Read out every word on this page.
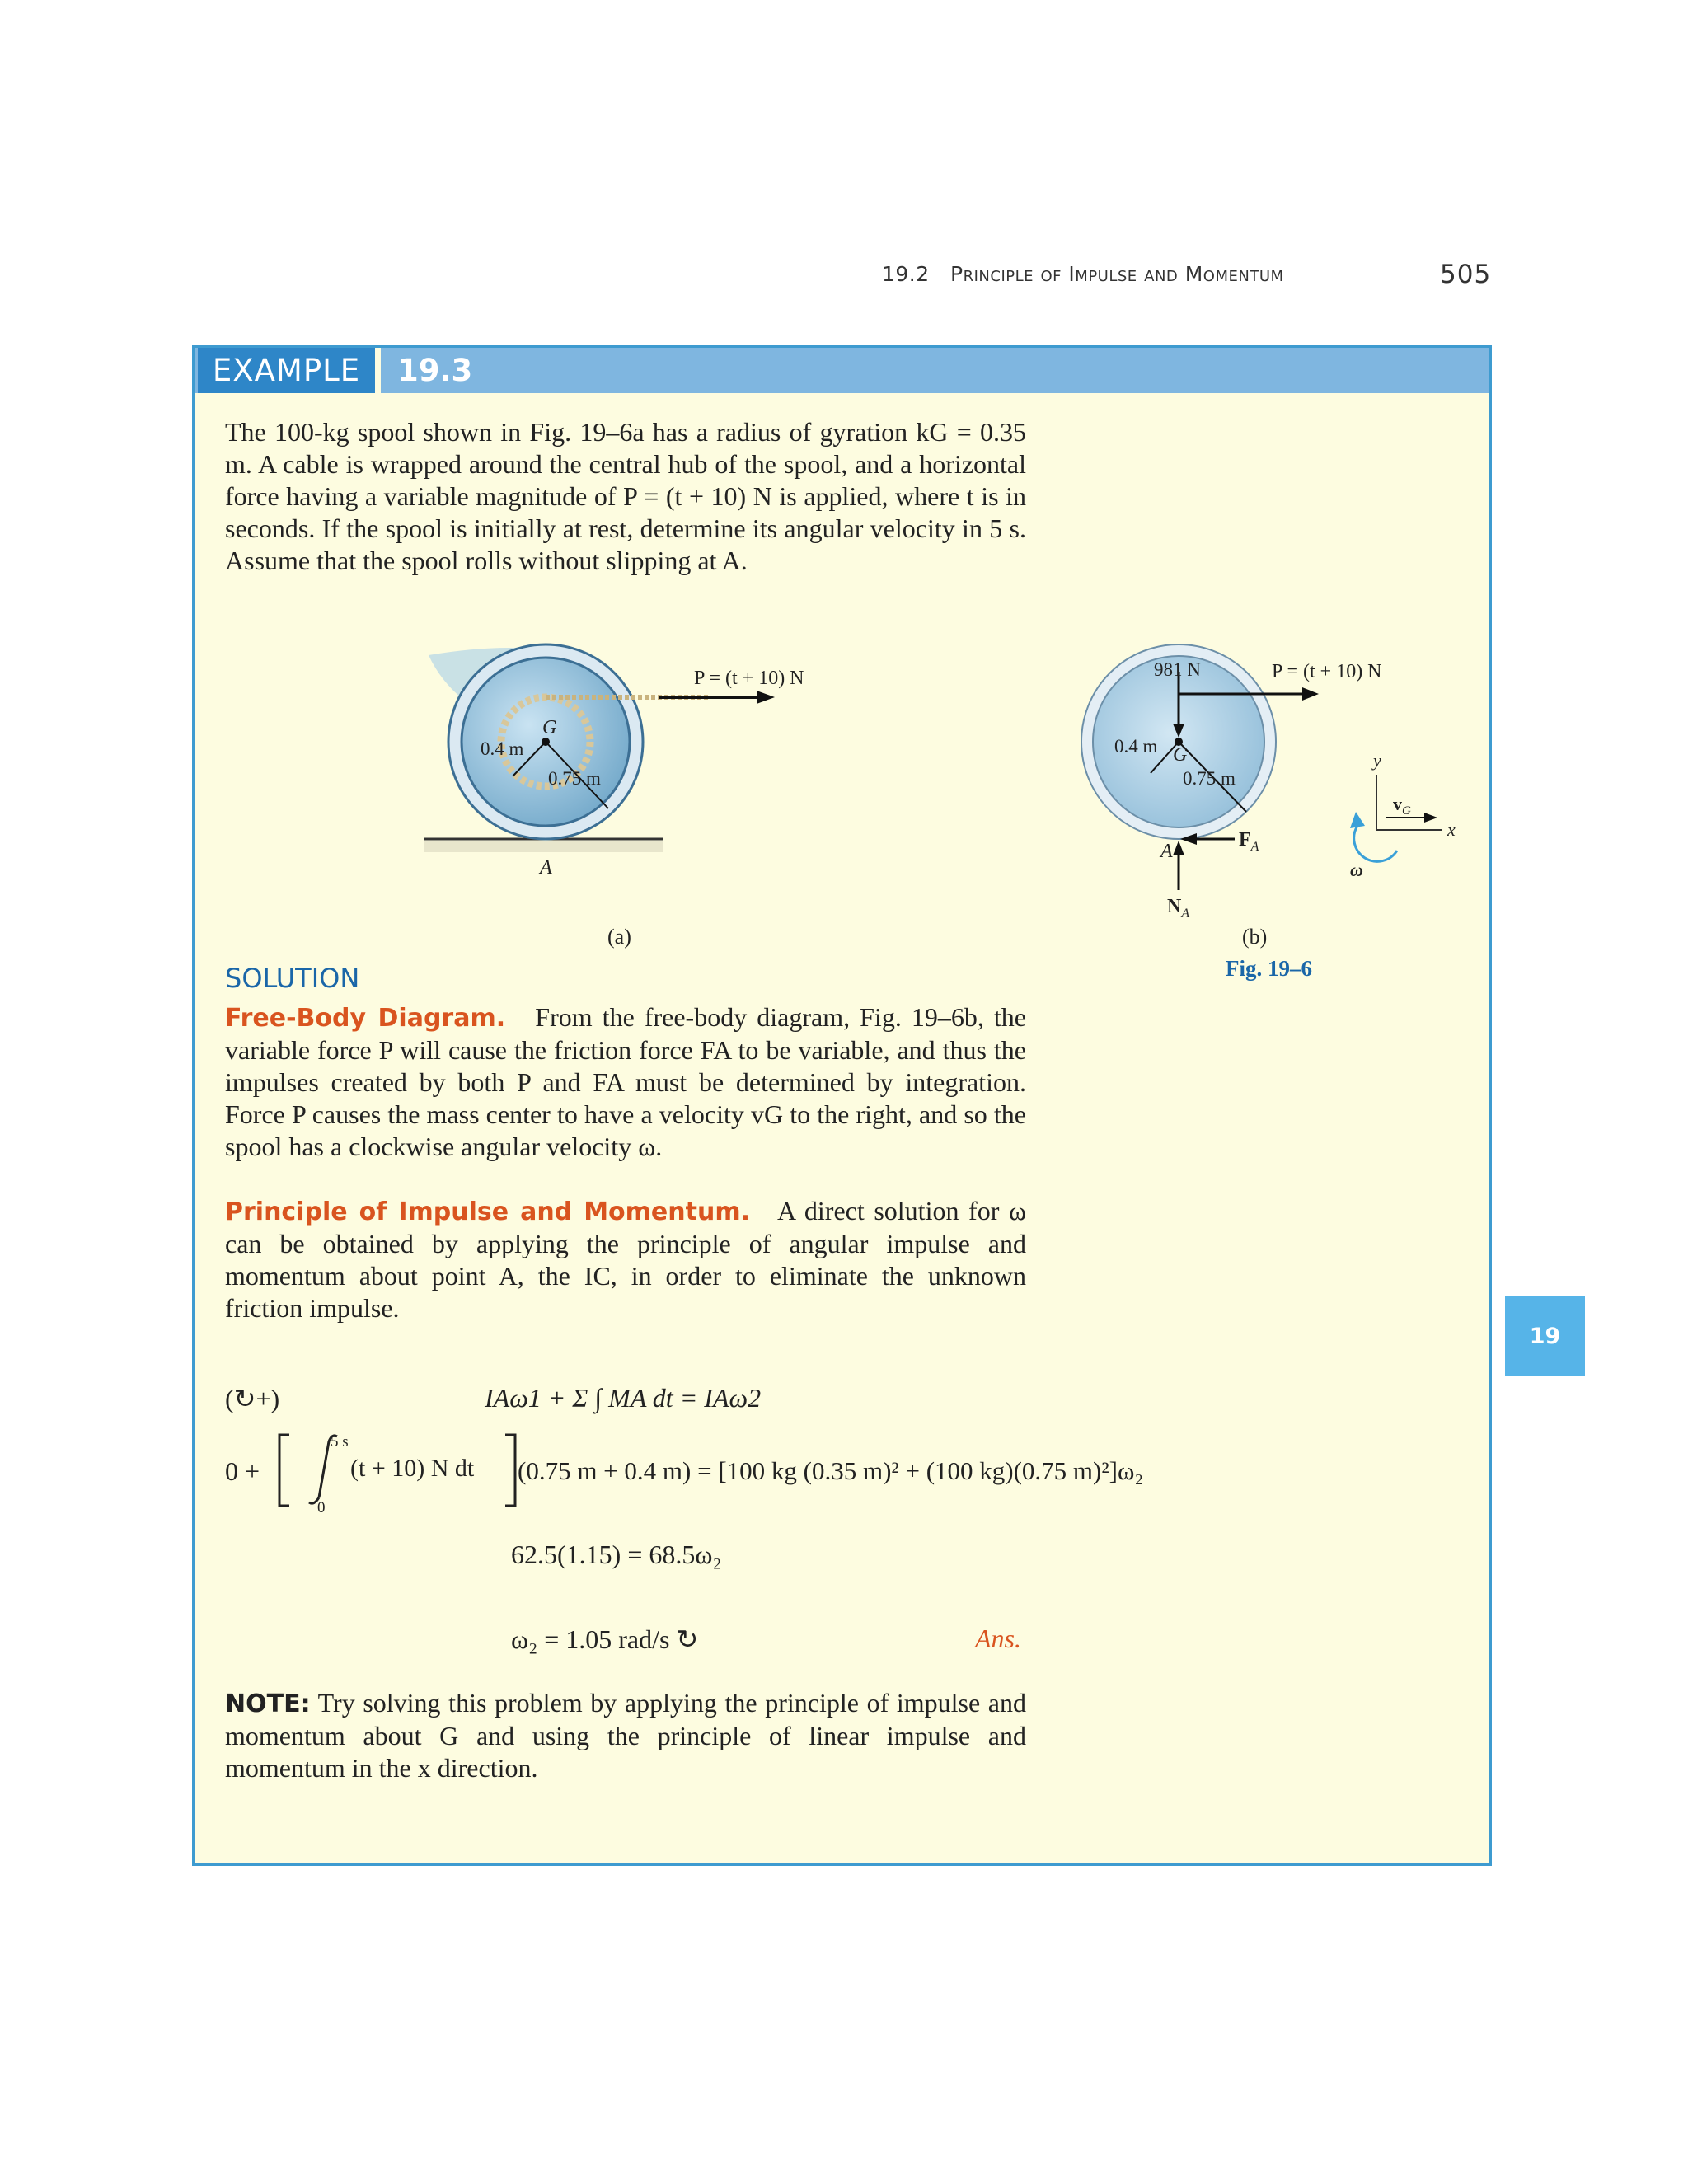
19.2 Principle of Impulse and Momentum	505
EXAMPLE	19.3
The 100-kg spool shown in Fig. 19–6a has a radius of gyration kG = 0.35 m. A cable is wrapped around the central hub of the spool, and a horizontal force having a variable magnitude of P = (t + 10) N is applied, where t is in seconds. If the spool is initially at rest, determine its angular velocity in 5 s. Assume that the spool rolls without slipping at A.
G
0.4 m
0.75 m
A
P = (t + 10) N
(a)
981 N	P = (t + 10) N
G
0.4 m
0.75 m
$F_A$
A
$N_A$
y
x
$v_G$
ω
(b)
Fig. 19–6
SOLUTION
Free-Body Diagram. From the free-body diagram, Fig. 19–6b, the variable force P will cause the friction force FA to be variable, and thus the impulses created by both P and FA must be determined by integration. Force P causes the mass center to have a velocity vG to the right, and so the spool has a clockwise angular velocity ω.
Principle of Impulse and Momentum. A direct solution for ω can be obtained by applying the principle of angular impulse and momentum about point A, the IC, in order to eliminate the unknown friction impulse.
(↻+)	IAω1 + Σ ∫ MA dt = IAω2
0 +
5 s
0
(t + 10) N dt (0.75 m + 0.4 m) = [100 kg (0.35 m)² + (100 kg)(0.75 m)²]ω₂
62.5(1.15) = 68.5ω₂
ω₂ = 1.05 rad/s ↻	Ans.
NOTE: Try solving this problem by applying the principle of impulse and momentum about G and using the principle of linear impulse and momentum in the x direction.
19
